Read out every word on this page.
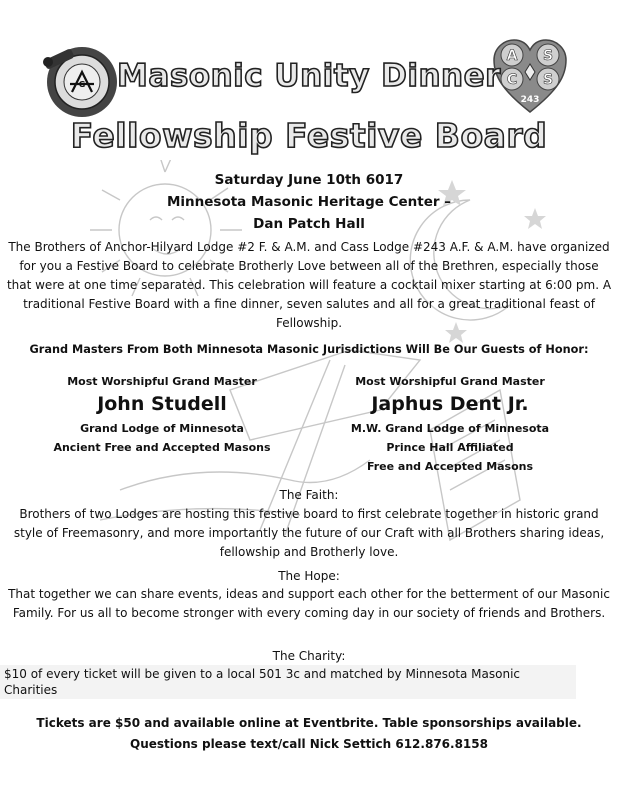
G
A S
C S
243
Masonic Unity Dinner
Fellowship Festive Board
Saturday June 10th 6017
Minnesota Masonic Heritage Center –
Dan Patch Hall
The Brothers of Anchor-Hilyard Lodge #2 F. & A.M. and Cass Lodge #243 A.F. & A.M. have organized for you a Festive Board to celebrate Brotherly Love between all of the Brethren, especially those that were at one time separated. This celebration will feature a cocktail mixer starting at 6:00 pm. A traditional Festive Board with a fine dinner, seven salutes and all for a great traditional feast of Fellowship.
Grand Masters From Both Minnesota Masonic Jurisdictions Will Be Our Guests of Honor:
Most Worshipful Grand Master
John Studell
Grand Lodge of Minnesota
Ancient Free and Accepted Masons
Most Worshipful Grand Master
Japhus Dent Jr.
M.W. Grand Lodge of Minnesota
Prince Hall Affiliated
Free and Accepted Masons
The Faith:
Brothers of two Lodges are hosting this festive board to first celebrate together in historic grand style of Freemasonry, and more importantly the future of our Craft with all Brothers sharing ideas, fellowship and Brotherly love.
The Hope:
That together we can share events, ideas and support each other for the betterment of our Masonic Family. For us all to become stronger with every coming day in our society of friends and Brothers.
The Charity:
$10 of every ticket will be given to a local 501 3c and matched by Minnesota Masonic Charities
Tickets are $50 and available online at Eventbrite. Table sponsorships available.
Questions please text/call Nick Settich 612.876.8158
